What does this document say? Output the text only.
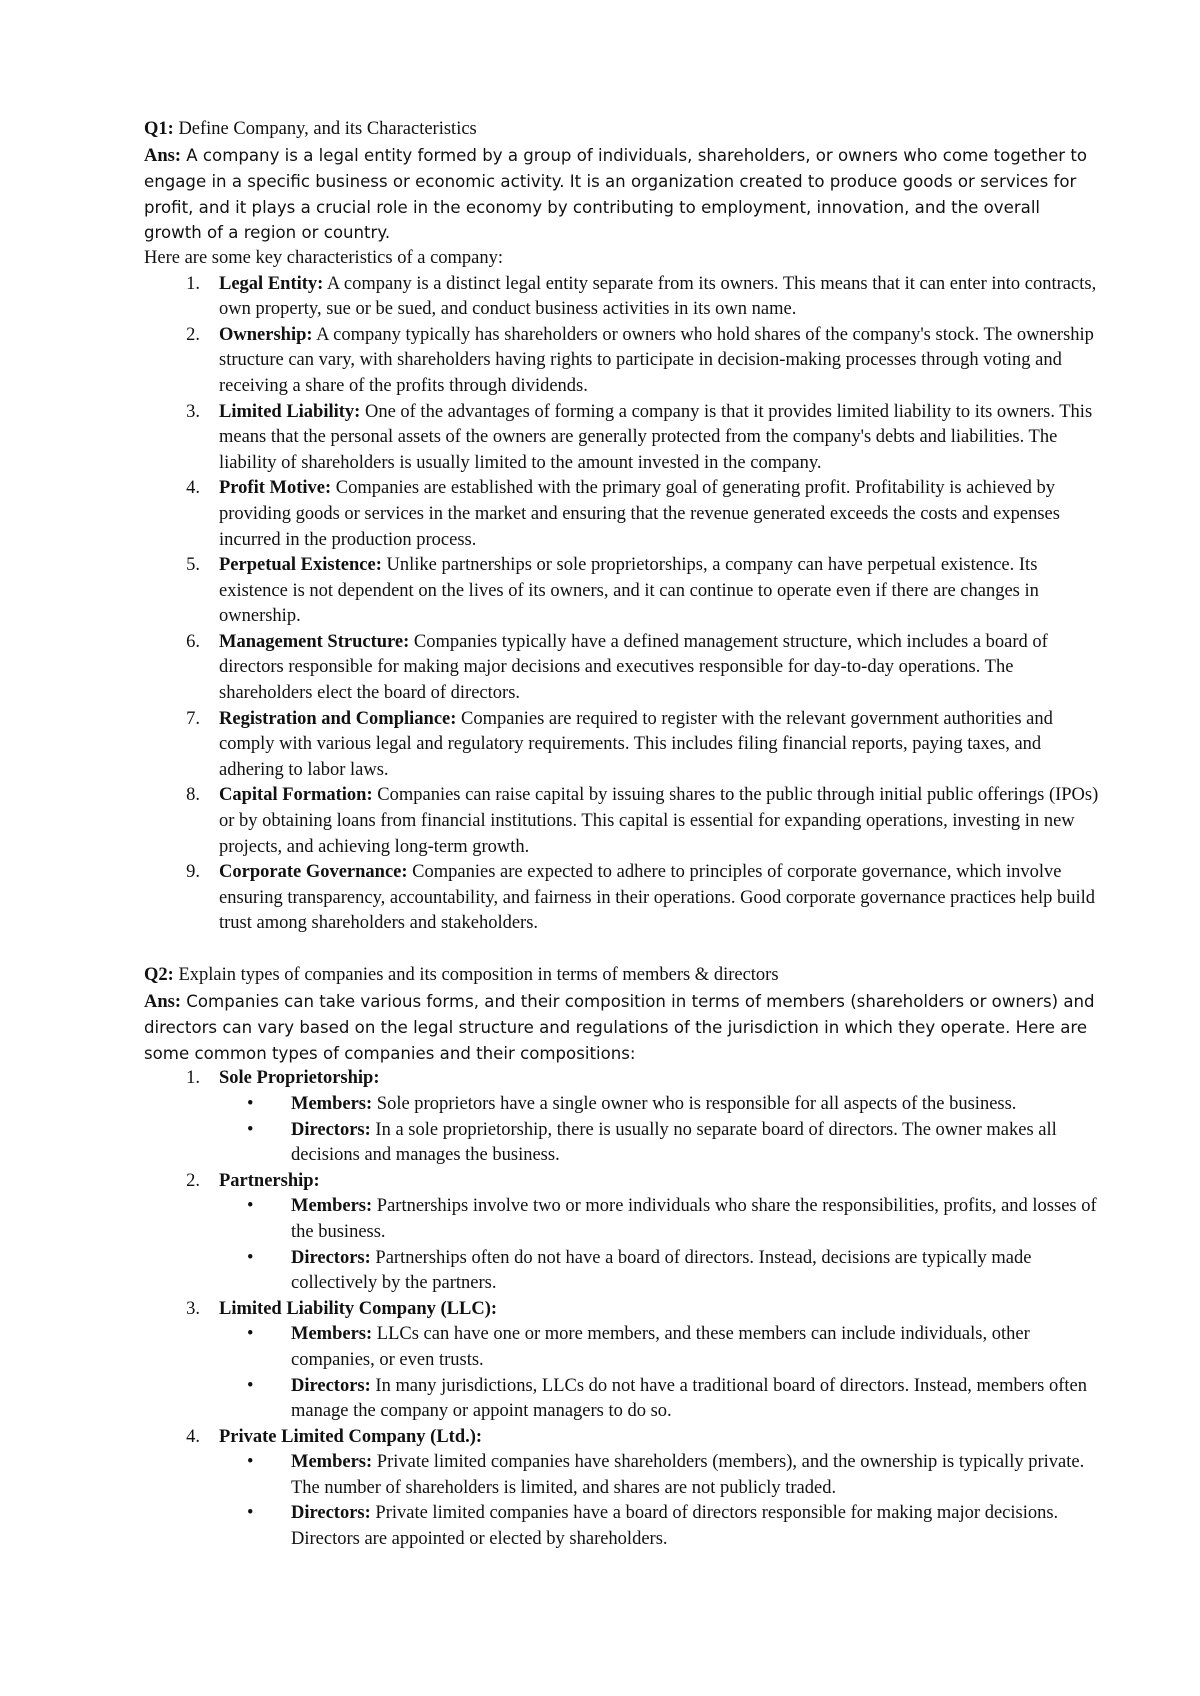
Q1: Define Company, and its Characteristics

Ans: A company is a legal entity formed by a group of individuals, shareholders, or owners who come together to engage in a specific business or economic activity. It is an organization created to produce goods or services for profit, and it plays a crucial role in the economy by contributing to employment, innovation, and the overall growth of a region or country.

Here are some key characteristics of a company:

1. Legal Entity: A company is a distinct legal entity separate from its owners. This means that it can enter into contracts, own property, sue or be sued, and conduct business activities in its own name.
2. Ownership: A company typically has shareholders or owners who hold shares of the company's stock. The ownership structure can vary, with shareholders having rights to participate in decision-making processes through voting and receiving a share of the profits through dividends.
3. Limited Liability: One of the advantages of forming a company is that it provides limited liability to its owners. This means that the personal assets of the owners are generally protected from the company's debts and liabilities. The liability of shareholders is usually limited to the amount invested in the company.
4. Profit Motive: Companies are established with the primary goal of generating profit. Profitability is achieved by providing goods or services in the market and ensuring that the revenue generated exceeds the costs and expenses incurred in the production process.
5. Perpetual Existence: Unlike partnerships or sole proprietorships, a company can have perpetual existence. Its existence is not dependent on the lives of its owners, and it can continue to operate even if there are changes in ownership.
6. Management Structure: Companies typically have a defined management structure, which includes a board of directors responsible for making major decisions and executives responsible for day-to-day operations. The shareholders elect the board of directors.
7. Registration and Compliance: Companies are required to register with the relevant government authorities and comply with various legal and regulatory requirements. This includes filing financial reports, paying taxes, and adhering to labor laws.
8. Capital Formation: Companies can raise capital by issuing shares to the public through initial public offerings (IPOs) or by obtaining loans from financial institutions. This capital is essential for expanding operations, investing in new projects, and achieving long-term growth.
9. Corporate Governance: Companies are expected to adhere to principles of corporate governance, which involve ensuring transparency, accountability, and fairness in their operations. Good corporate governance practices help build trust among shareholders and stakeholders.

Q2: Explain types of companies and its composition in terms of members & directors

Ans: Companies can take various forms, and their composition in terms of members (shareholders or owners) and directors can vary based on the legal structure and regulations of the jurisdiction in which they operate. Here are some common types of companies and their compositions:

1. Sole Proprietorship:
• Members: Sole proprietors have a single owner who is responsible for all aspects of the business.
• Directors: In a sole proprietorship, there is usually no separate board of directors. The owner makes all decisions and manages the business.
2. Partnership:
• Members: Partnerships involve two or more individuals who share the responsibilities, profits, and losses of the business.
• Directors: Partnerships often do not have a board of directors. Instead, decisions are typically made collectively by the partners.
3. Limited Liability Company (LLC):
• Members: LLCs can have one or more members, and these members can include individuals, other companies, or even trusts.
• Directors: In many jurisdictions, LLCs do not have a traditional board of directors. Instead, members often manage the company or appoint managers to do so.
4. Private Limited Company (Ltd.):
• Members: Private limited companies have shareholders (members), and the ownership is typically private. The number of shareholders is limited, and shares are not publicly traded.
• Directors: Private limited companies have a board of directors responsible for making major decisions. Directors are appointed or elected by shareholders.
